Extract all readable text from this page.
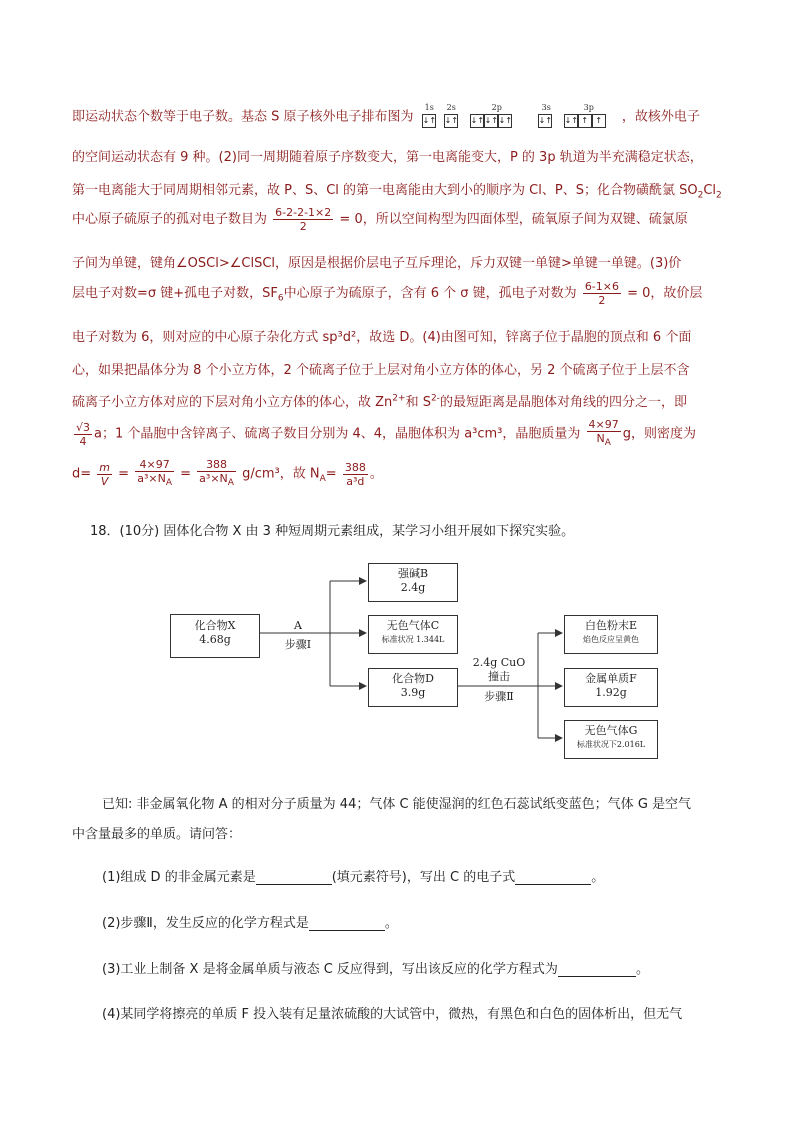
即运动状态个数等于电子数。基态 S 原子核外电子排布图为
1s 2s	2p	3s	3p
↓↑ ↓↑ ↓↑ ↓↑ ↓↑	↓↑ ↓↑ ↑ ↑ ，故核外电子
的空间运动状态有 9 种。(2)同一周期随着原子序数变大，第一电离能变大，P 的 3p 轨道为半充满稳定状态，
第一电离能大于同周期相邻元素，故 P、S、Cl 的第一电离能由大到小的顺序为 Cl、P、S；化合物磺酰氯 $SO_2Cl_2$
中心原子硫原子的孤对电子数目为 $\frac{6-2-2-1\times 2}{2} = 0$，所以空间构型为四面体型，硫氧原子间为双键、硫氯原
子间为单键，键角∠OSCl>∠ClSCl，原因是根据价层电子互斥理论，斥力双键一单键>单键一单键。(3)价
层电子对数=σ 键+孤电子对数，$SF_6$中心原子为硫原子，含有 6 个 σ 键，孤电子对数为 $\frac{6-1\times 6}{2} = 0$，故价层
电子对数为 6，则对应的中心原子杂化方式 sp³d²，故选 D。(4)由图可知，锌离子位于晶胞的顶点和 6 个面
心，如果把晶体分为 8 个小立方体，2 个硫离子位于上层对角小立方体的体心，另 2 个硫离子位于上层不含
硫离子小立方体对应的下层对角小立方体的体心，故 $Zn^{2+}$和 $S^{2-}$的最短距离是晶胞体对角线的四分之一，即
$\frac{√3}{4}$ a；1 个晶胞中含锌离子、硫离子数目分别为 4、4，晶胞体积为 a³cm³，晶胞质量为 $\frac{4\times 97}{N_A}$ g，则密度为
$d= \frac{m}{V} = \frac{4\times 97}{a^3\times N_A} = \frac{388}{a^3\times N_A} g/cm^3$，故 $N_A= \frac{388}{\text{a³d}}$ 。
18．(10分) 固体化合物 X 由 3 种短周期元素组成，某学习小组开展如下探究实验。
化合物X
4.68g
A
步骤Ⅰ
强碱B
2.4g
无色气体C
标准状况 1.344L
化合物D
3.9g
2.4g CuO
撞击
步骤Ⅱ
白色粉末E
焰色反应呈黄色
金属单质F
1.92g
无色气体G
标准状况下2.016L
已知: 非金属氧化物 A 的相对分子质量为 44；气体 C 能使湿润的红色石蕊试纸变蓝色；气体 G 是空气
中含量最多的单质。请问答：
(1)组成 D 的非金属元素是	(填元素符号)，写出 C 的电子式	。
(2)步骤Ⅱ，发生反应的化学方程式是	。
(3)工业上制备 X 是将金属单质与液态 C 反应得到，写出该反应的化学方程式为	。
(4)某同学将擦亮的单质 F 投入装有足量浓硫酸的大试管中，微热，有黑色和白色的固体析出，但无气
